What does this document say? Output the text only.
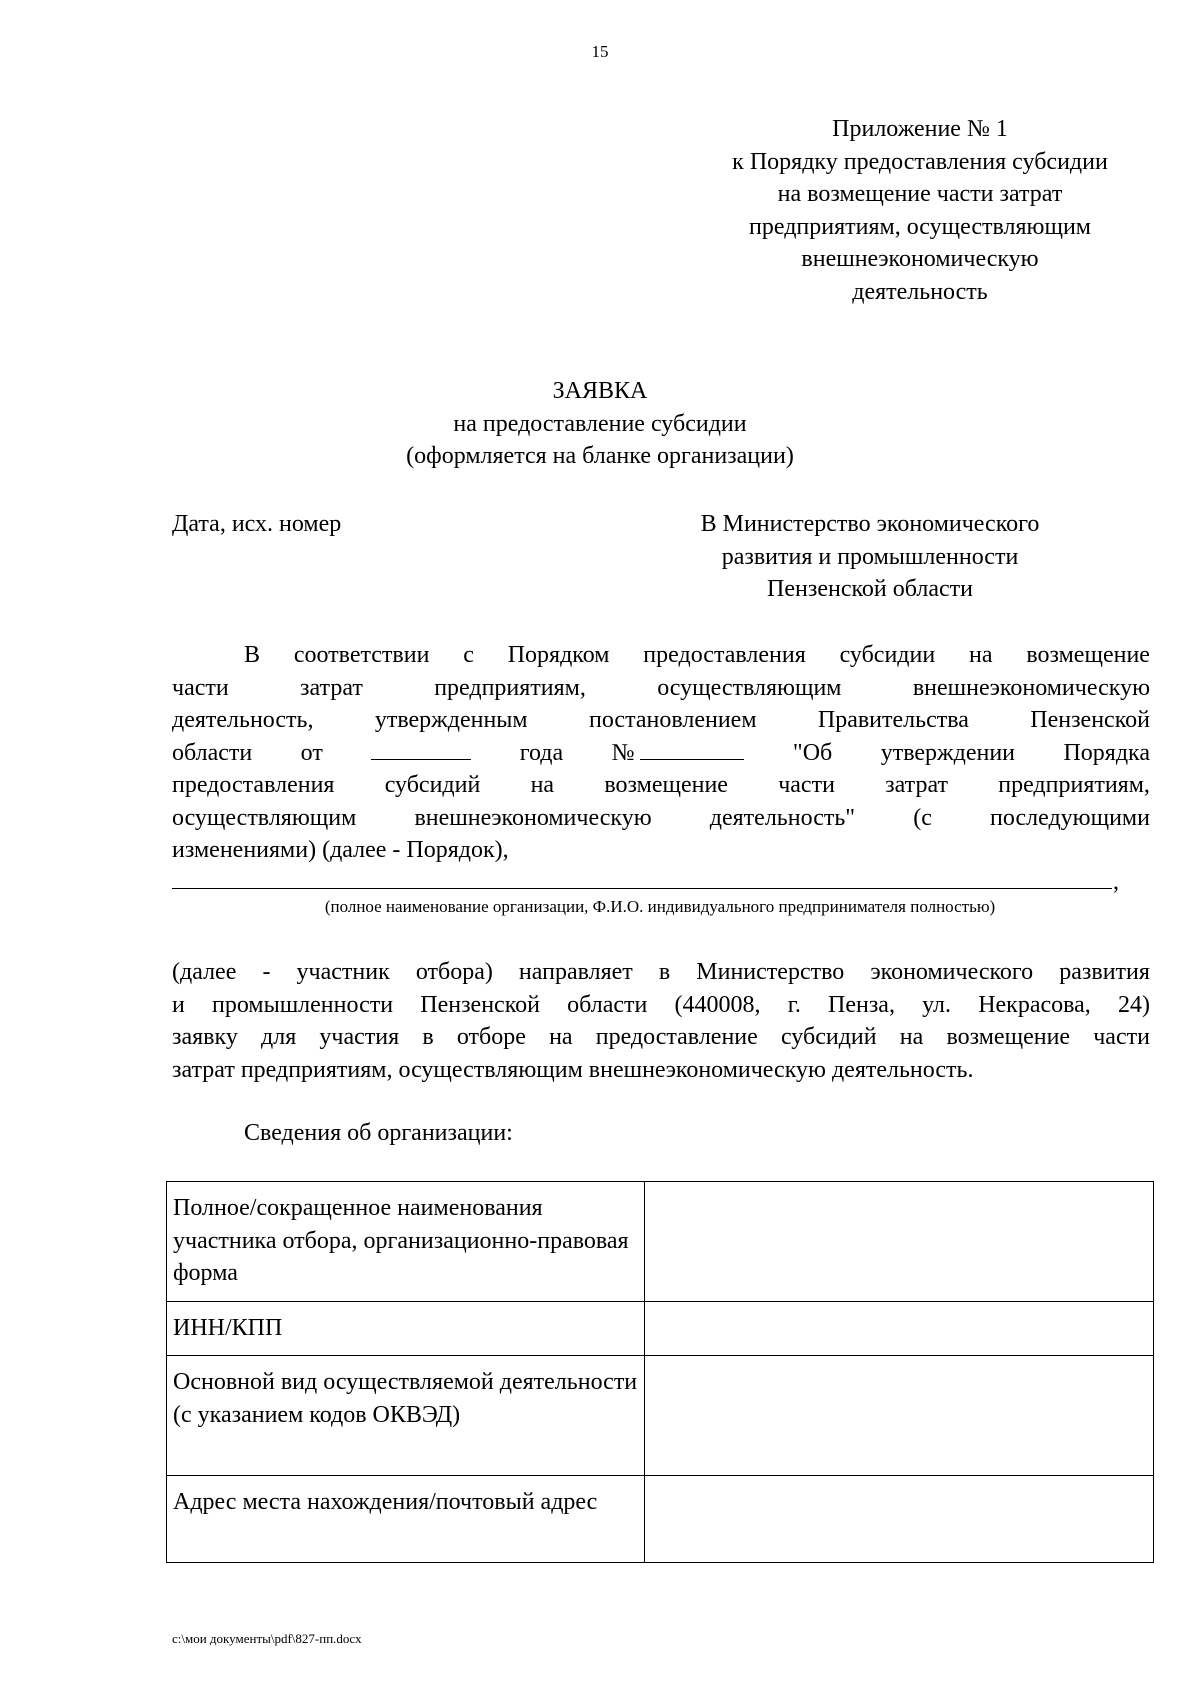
15
Приложение № 1
к Порядку предоставления субсидии
на возмещение части затрат
предприятиям, осуществляющим
внешнеэкономическую
деятельность
ЗАЯВКА
на предоставление субсидии
(оформляется на бланке организации)
Дата, исх. номер	В Министерство экономического
развития и промышленности
Пензенской области
В соответствии с Порядком предоставления субсидии на возмещение
части	затрат	предприятиям,	осуществляющим	внешнеэкономическую
деятельность,	утвержденным	постановлением	Правительства	Пензенской
области от	года №	"Об утверждении Порядка
предоставления субсидий на возмещение части затрат предприятиям,
осуществляющим внешнеэкономическую деятельность" (с последующими
изменениями) (далее - Порядок),
,
(полное наименование организации, Ф.И.О. индивидуального предпринимателя полностью)
(далее - участник отбора) направляет в Министерство экономического развития
и промышленности Пензенской области (440008, г. Пенза, ул. Некрасова, 24)
заявку для участия в отборе на предоставление субсидий на возмещение части
затрат предприятиям, осуществляющим внешнеэкономическую деятельность.
Сведения об организации:
Полное/сокращенное наименования участника отбора, организационно-правовая форма	
ИНН/КПП	
Основной вид осуществляемой деятельности (с указанием кодов ОКВЭД)	
Адрес места нахождения/почтовый адрес	
c:\мои документы\pdf\827-пп.docx
